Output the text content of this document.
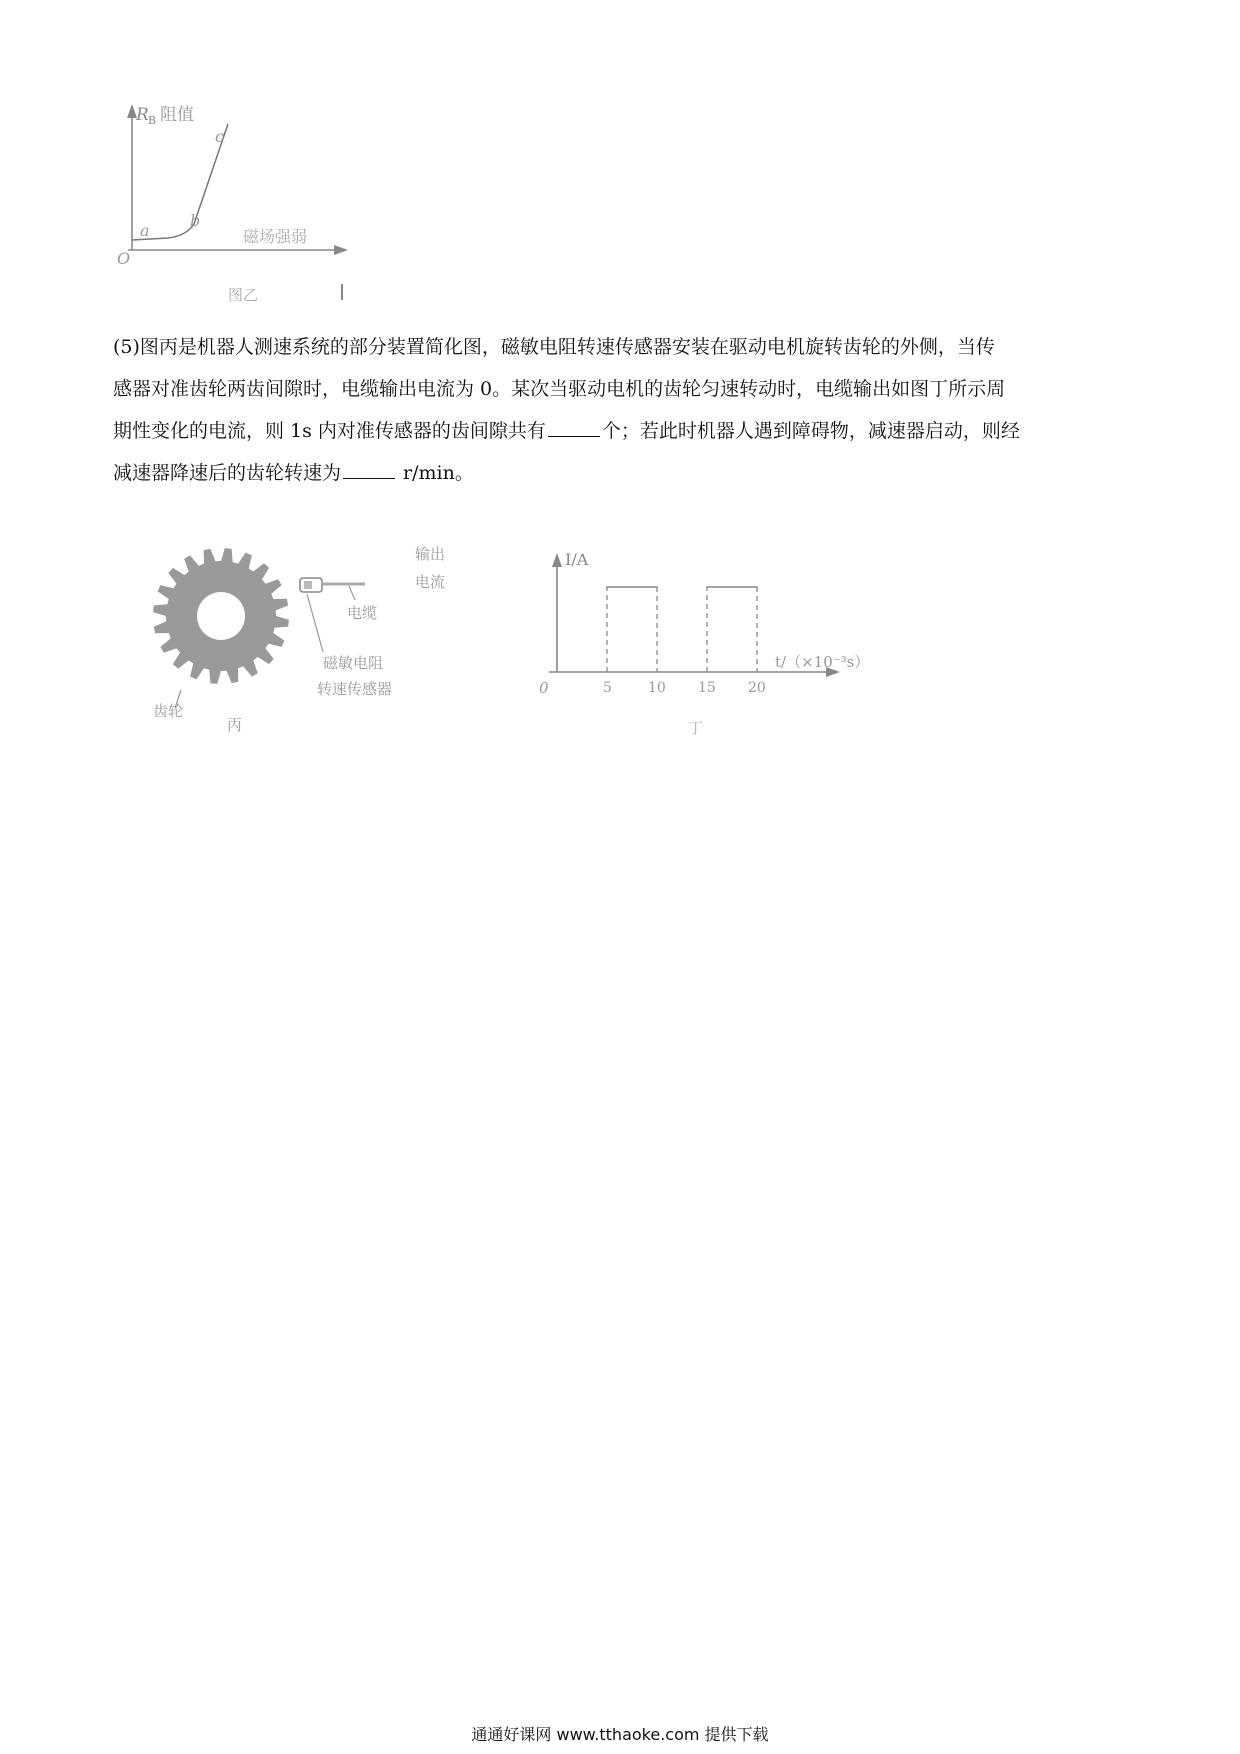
R B 阻值
O
a
b
c
磁场强弱
图乙
(5)图丙是机器人测速系统的部分装置简化图，磁敏电阻转速传感器安装在驱动电机旋转齿轮的外侧，当传
感器对准齿轮两齿间隙时，电缆输出电流为 0。某次当驱动电机的齿轮匀速转动时，电缆输出如图丁所示周
期性变化的电流，则 1s 内对准传感器的齿间隙共有	个；若此时机器人遇到障碍物，减速器启动，则经
减速器降速后的齿轮转速为	r/min。
输出
电流
电缆
磁敏电阻
转速传感器
齿轮
丙
I/A
t/（×10⁻³s）
0	5	10 15 20
丁
通通好课网 www.tthaoke.com 提供下载
